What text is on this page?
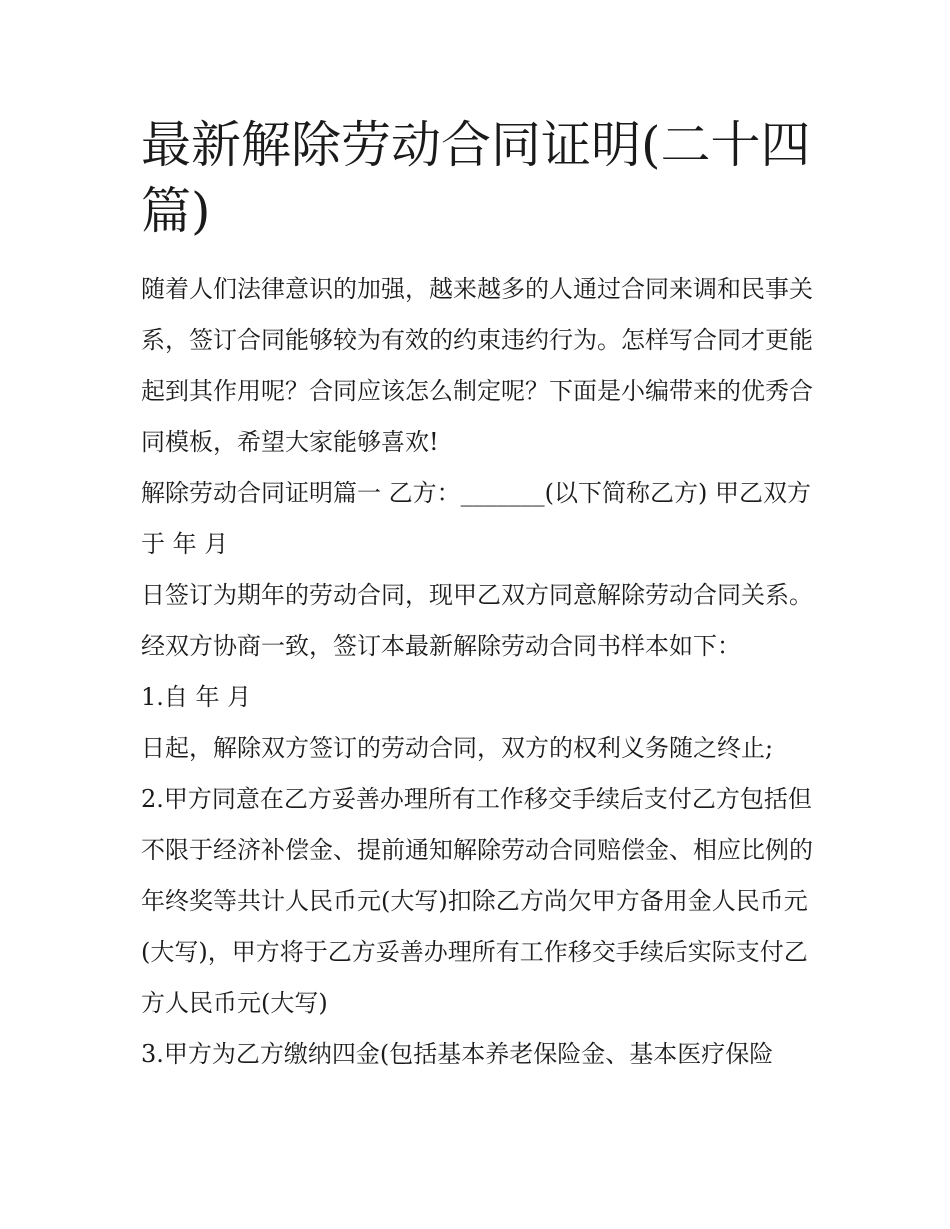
最新解除劳动合同证明(二十四篇)

随着人们法律意识的加强，越来越多的人通过合同来调和民事关系，签订合同能够较为有效的约束违约行为。怎样写合同才更能起到其作用呢？合同应该怎么制定呢？下面是小编带来的优秀合同模板，希望大家能够喜欢!

解除劳动合同证明篇一 乙方：_______(以下简称乙方) 甲乙双方于 年 月

日签订为期年的劳动合同，现甲乙双方同意解除劳动合同关系。经双方协商一致，签订本最新解除劳动合同书样本如下：

1.自 年 月

日起，解除双方签订的劳动合同，双方的权利义务随之终止;

2.甲方同意在乙方妥善办理所有工作移交手续后支付乙方包括但不限于经济补偿金、提前通知解除劳动合同赔偿金、相应比例的年终奖等共计人民币元(大写)扣除乙方尚欠甲方备用金人民币元(大写)，甲方将于乙方妥善办理所有工作移交手续后实际支付乙方人民币元(大写)

3.甲方为乙方缴纳四金(包括基本养老保险金、基本医疗保险
